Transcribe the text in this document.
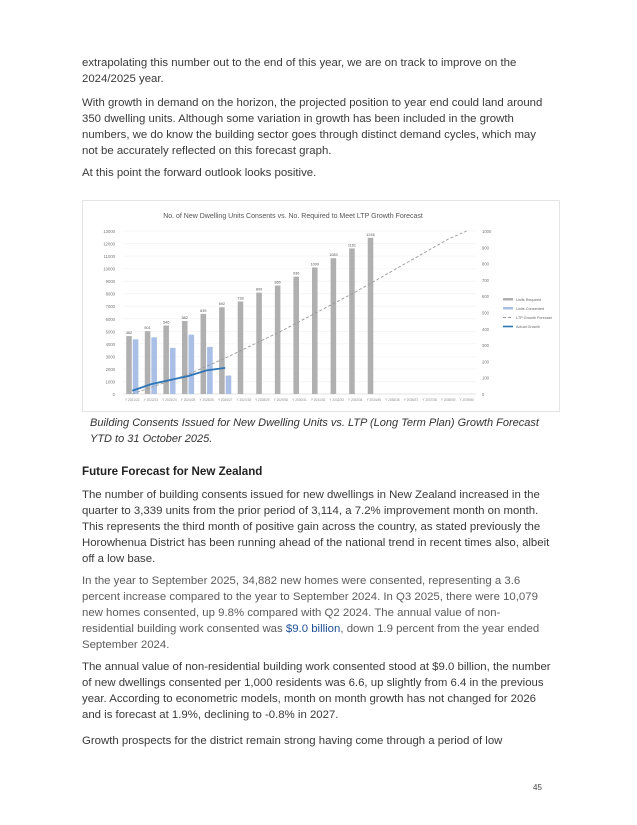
extrapolating this number out to the end of this year, we are on track to improve on the 2024/2025 year.

With growth in demand on the horizon, the projected position to year end could land around 350 dwelling units. Although some variation in growth has been included in the growth numbers, we do know the building sector goes through distinct demand cycles, which may not be accurately reflected on this forecast graph.

At this point the forward outlook looks positive.

No. of New Dwelling Units Consents vs. No. Required to Meet LTP Growth Forecast
0
1000
2000
3000
4000
5000
6000
7000
8000
9000
10000
11000
12000
13000
0
100
200
300
400
500
600
700
800
900
1000
462
501
546
582
639
692
738
809
865
936
1009
1083
1161
1246
Y 2021/22 Y 2022/23 Y 2023/24 Y 2024/25 Y 2025/26 Y 2026/27 Y 2027/28 Y 2028/29 Y 2029/30 Y 2030/31 Y 2031/32 Y 2032/33 Y 2033/34 Y 2034/35 Y 2035/36 Y 2036/37 Y 2037/38 Y 2038/39 Y 2039/40
Units Required
Units Consented
LTP Growth Forecast
Actual Growth

Building Consents Issued for New Dwelling Units vs. LTP (Long Term Plan) Growth Forecast YTD to 31 October 2025.

Future Forecast for New Zealand

The number of building consents issued for new dwellings in New Zealand increased in the quarter to 3,339 units from the prior period of 3,114, a 7.2% improvement month on month. This represents the third month of positive gain across the country, as stated previously the Horowhenua District has been running ahead of the national trend in recent times also, albeit off a low base.

In the year to September 2025, 34,882 new homes were consented, representing a 3.6 percent increase compared to the year to September 2024. In Q3 2025, there were 10,079 new homes consented, up 9.8% compared with Q2 2024. The annual value of non-residential building work consented was $9.0 billion, down 1.9 percent from the year ended September 2024.

The annual value of non-residential building work consented stood at $9.0 billion, the number of new dwellings consented per 1,000 residents was 6.6, up slightly from 6.4 in the previous year. According to econometric models, month on month growth has not changed for 2026 and is forecast at 1.9%, declining to -0.8% in 2027.

Growth prospects for the district remain strong having come through a period of low

45
